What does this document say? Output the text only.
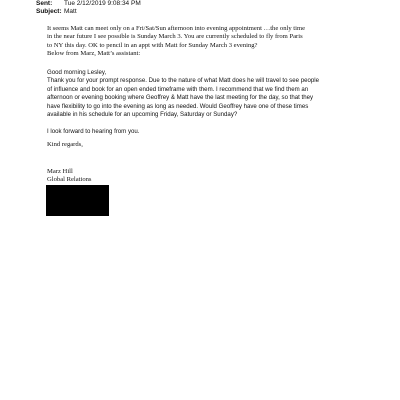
Sent:	Tue 2/12/2019 9:08:34 PM
Subject: Matt
It seems Matt can meet only on a Fri/Sat/Sun afternoon into evening appointment …the only time
in the near future I see possible is Sunday March 3. You are currently scheduled to fly from Paris
to NY this day. OK to pencil in an appt with Matt for Sunday March 3 evening?
Below from Marz, Matt’s assistant:
Good morning Lesley,
Thank you for your prompt response. Due to the nature of what Matt does he will travel to see people
of influence and book for an open ended timeframe with them. I recommend that we find them an
afternoon or evening booking where Geoffrey & Matt have the last meeting for the day, so that they
have flexibility to go into the evening as long as needed. Would Geoffrey have one of these times
available in his schedule for an upcoming Friday, Saturday or Sunday?
I look forward to hearing from you.
Kind regards,
Marz Hill
Global Relations
